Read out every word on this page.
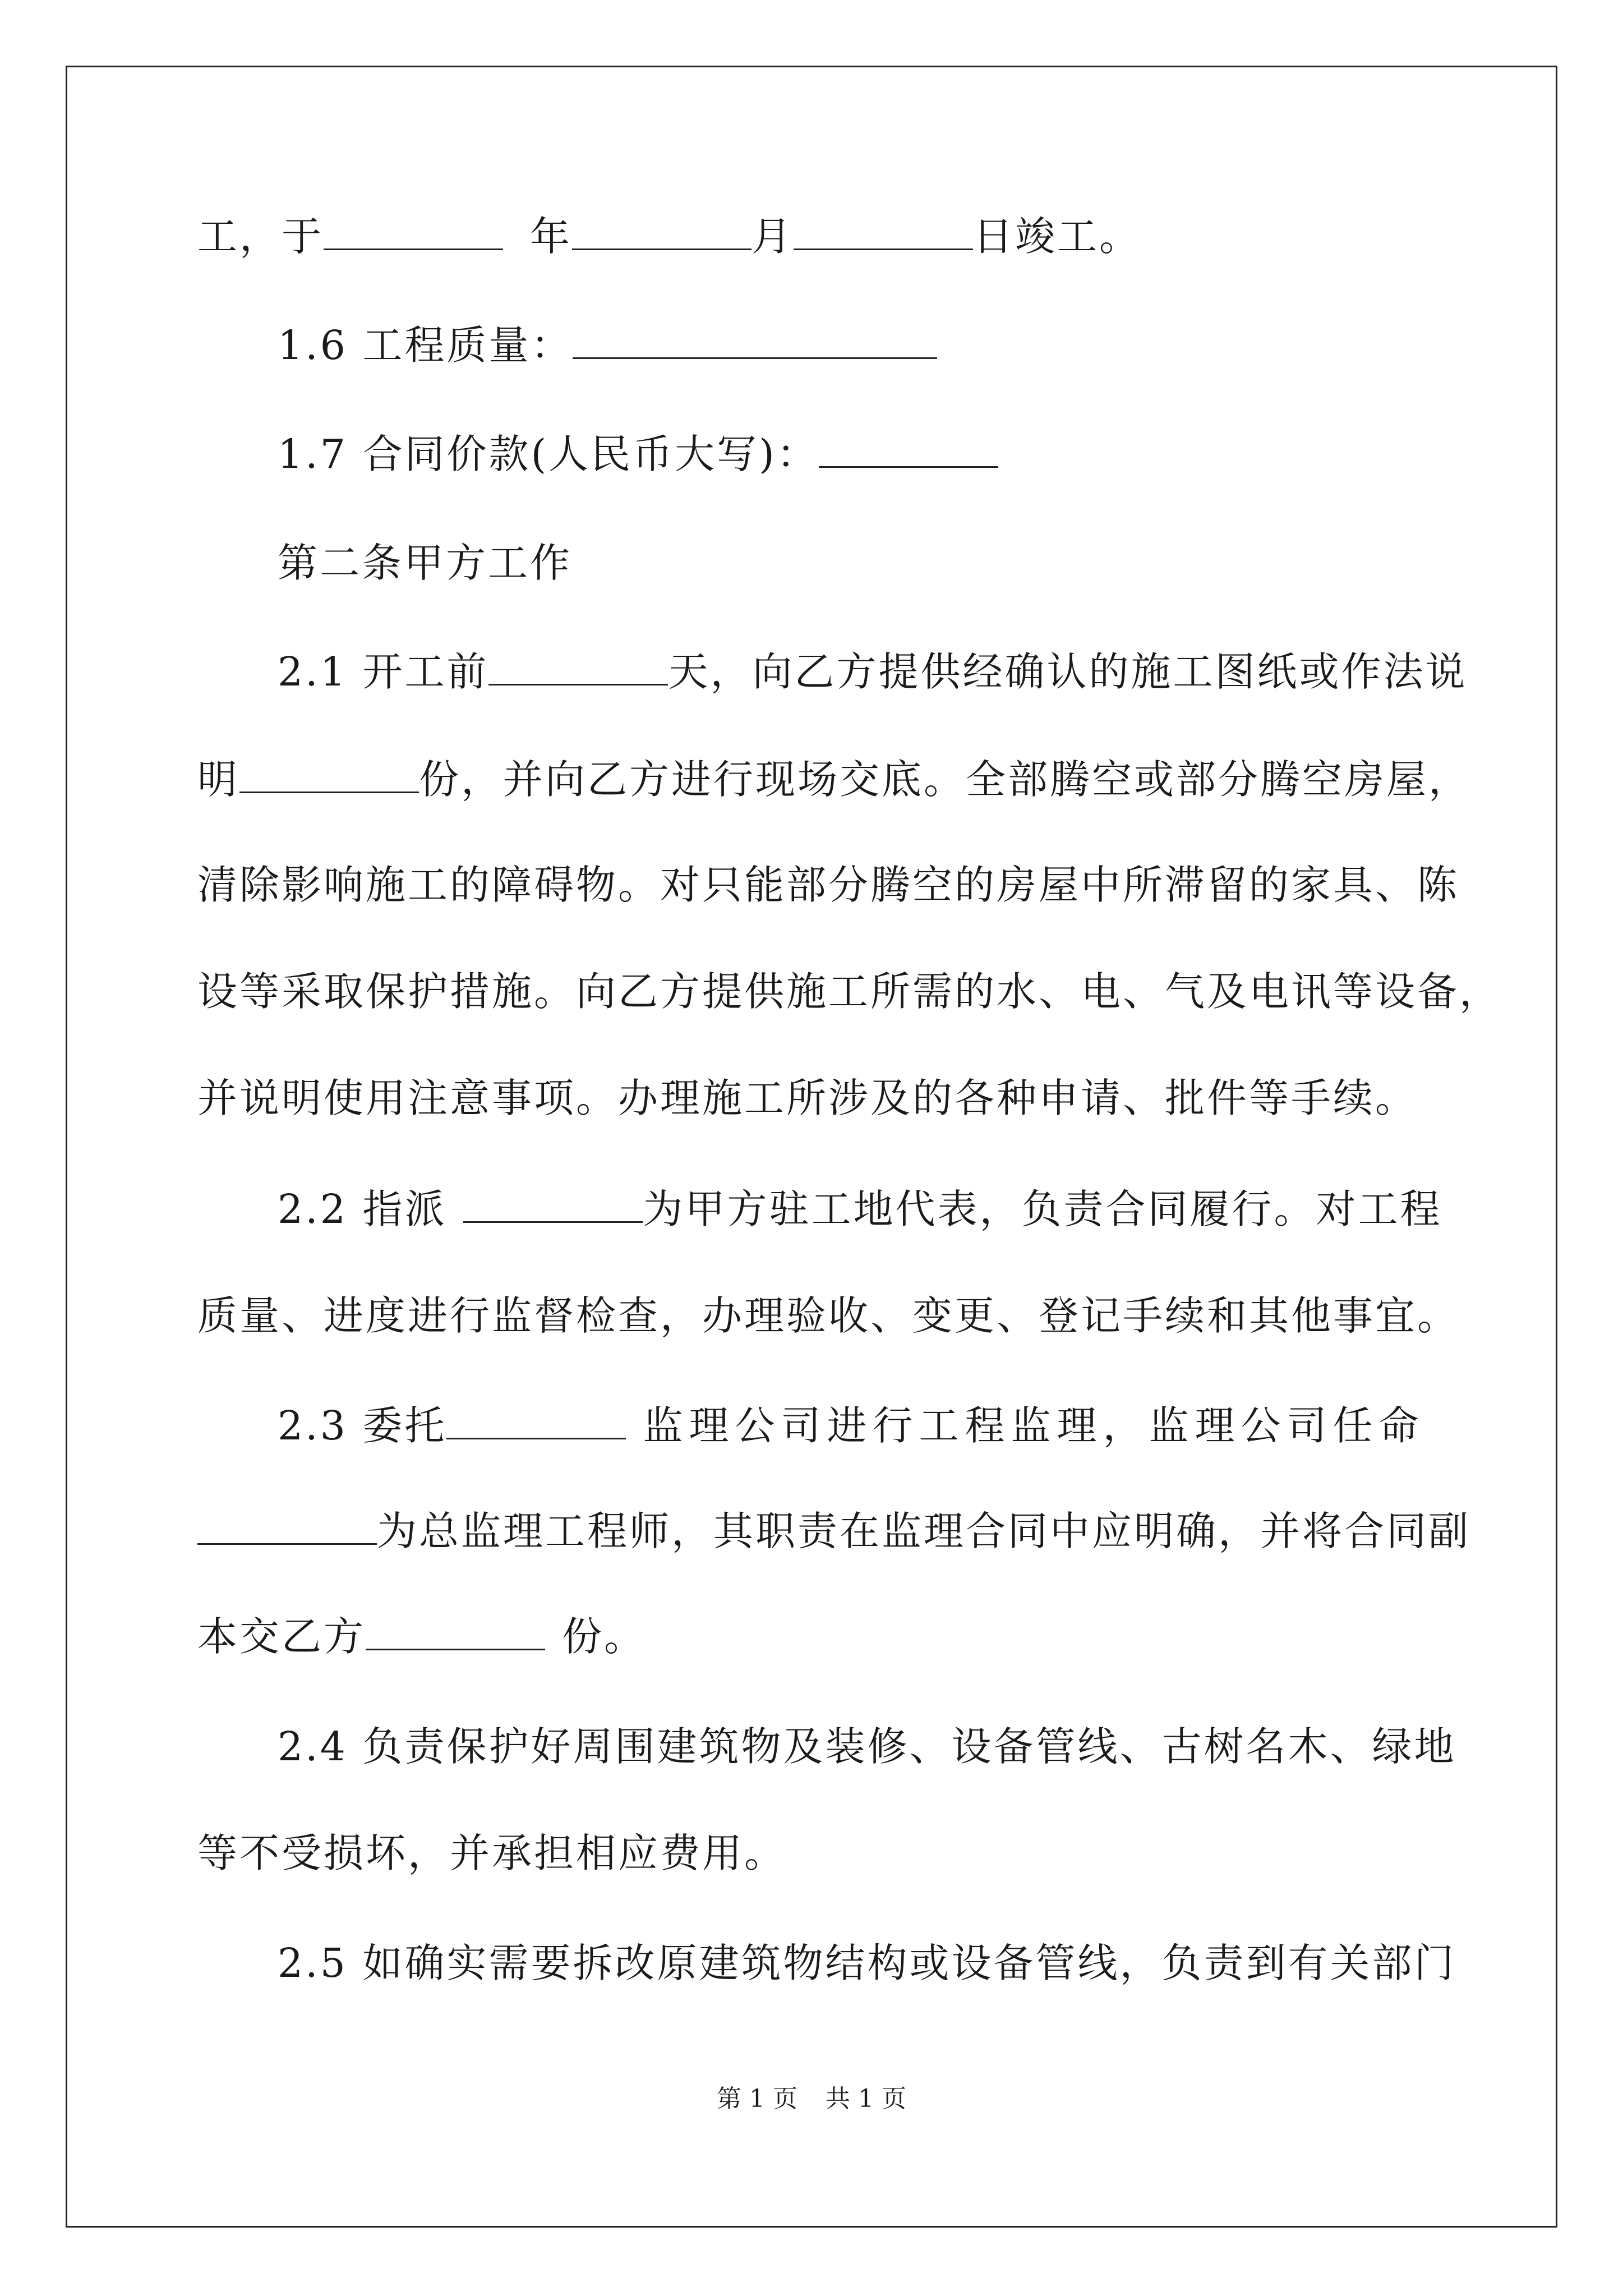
工，于	年	月	日竣工。
1.6 工程质量：
1.7 合同价款(人民币大写)：
第二条甲方工作
2.1 开工前	天，向乙方提供经确认的施工图纸或作法说
明	份，并向乙方进行现场交底。全部腾空或部分腾空房屋，
清除影响施工的障碍物。对只能部分腾空的房屋中所滞留的家具、陈
设等采取保护措施。向乙方提供施工所需的水、电、气及电讯等设备，
并说明使用注意事项。办理施工所涉及的各种申请、批件等手续。
2.2 指派	为甲方驻工地代表，负责合同履行。对工程
质量、进度进行监督检查，办理验收、变更、登记手续和其他事宜。
2.3 委托	监理公司进行工程监理，监理公司任命
为总监理工程师，其职责在监理合同中应明确，并将合同副
本交乙方	份。
2.4 负责保护好周围建筑物及装修、设备管线、古树名木、绿地
等不受损坏，并承担相应费用。
2.5 如确实需要拆改原建筑物结构或设备管线，负责到有关部门
第 1 页 共 1 页
